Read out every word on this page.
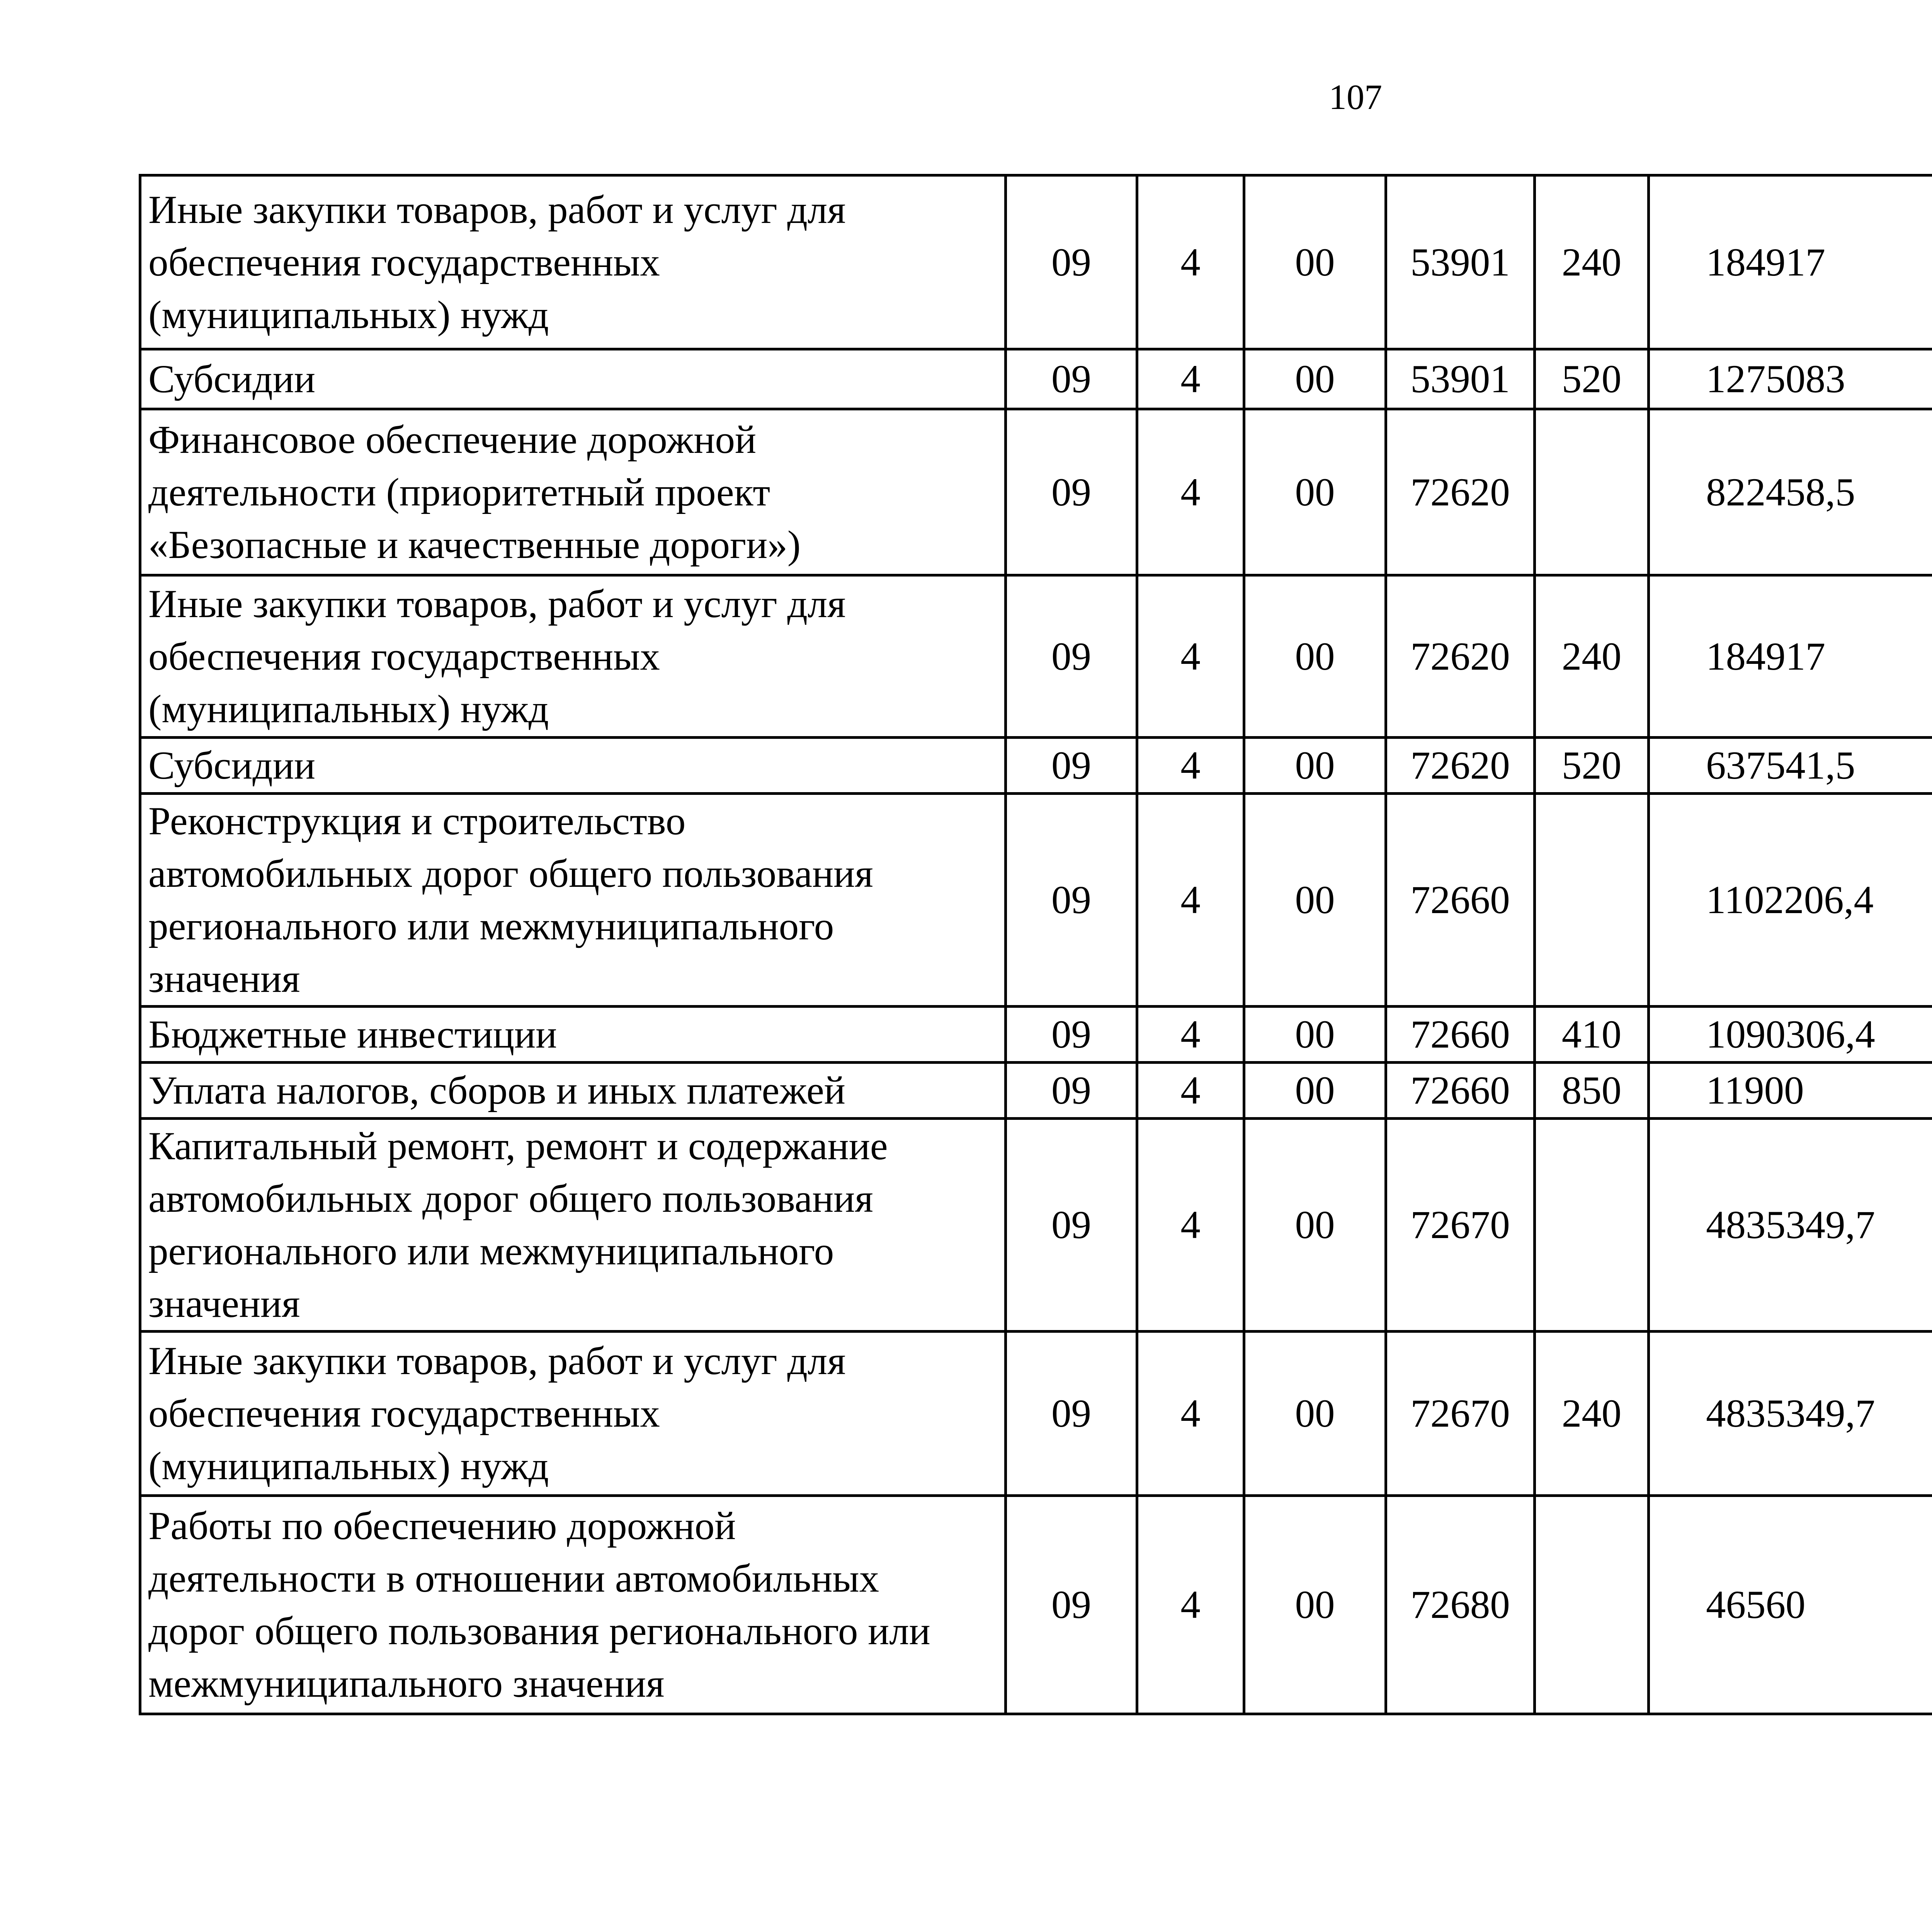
107
Иные закупки товаров, работ и услуг для
обеспечения государственных
(муниципальных) нужд	09	4	00	53901	240	184917		

Субсидии	09	4	00	53901	520	1275083		

Финансовое обеспечение дорожной
деятельности (приоритетный проект
«Безопасные и качественные дороги»)	09	4	00	72620		822458,5		

Иные закупки товаров, работ и услуг для
обеспечения государственных
(муниципальных) нужд	09	4	00	72620	240	184917		

Субсидии	09	4	00	72620	520	637541,5		

Реконструкция и строительство
автомобильных дорог общего пользования
регионального или межмуниципального
значения	09	4	00	72660		1102206,4		

Бюджетные инвестиции	09	4	00	72660	410	1090306,4		

Уплата налогов, сборов и иных платежей	09	4	00	72660	850	11900		

Капитальный ремонт, ремонт и содержание
автомобильных дорог общего пользования
регионального или межмуниципального
значения	09	4	00	72670		4835349,7		

Иные закупки товаров, работ и услуг для
обеспечения государственных
(муниципальных) нужд	09	4	00	72670	240	4835349,7		

Работы по обеспечению дорожной
деятельности в отношении автомобильных
дорог общего пользования регионального или
межмуниципального значения	09	4	00	72680		46560		
